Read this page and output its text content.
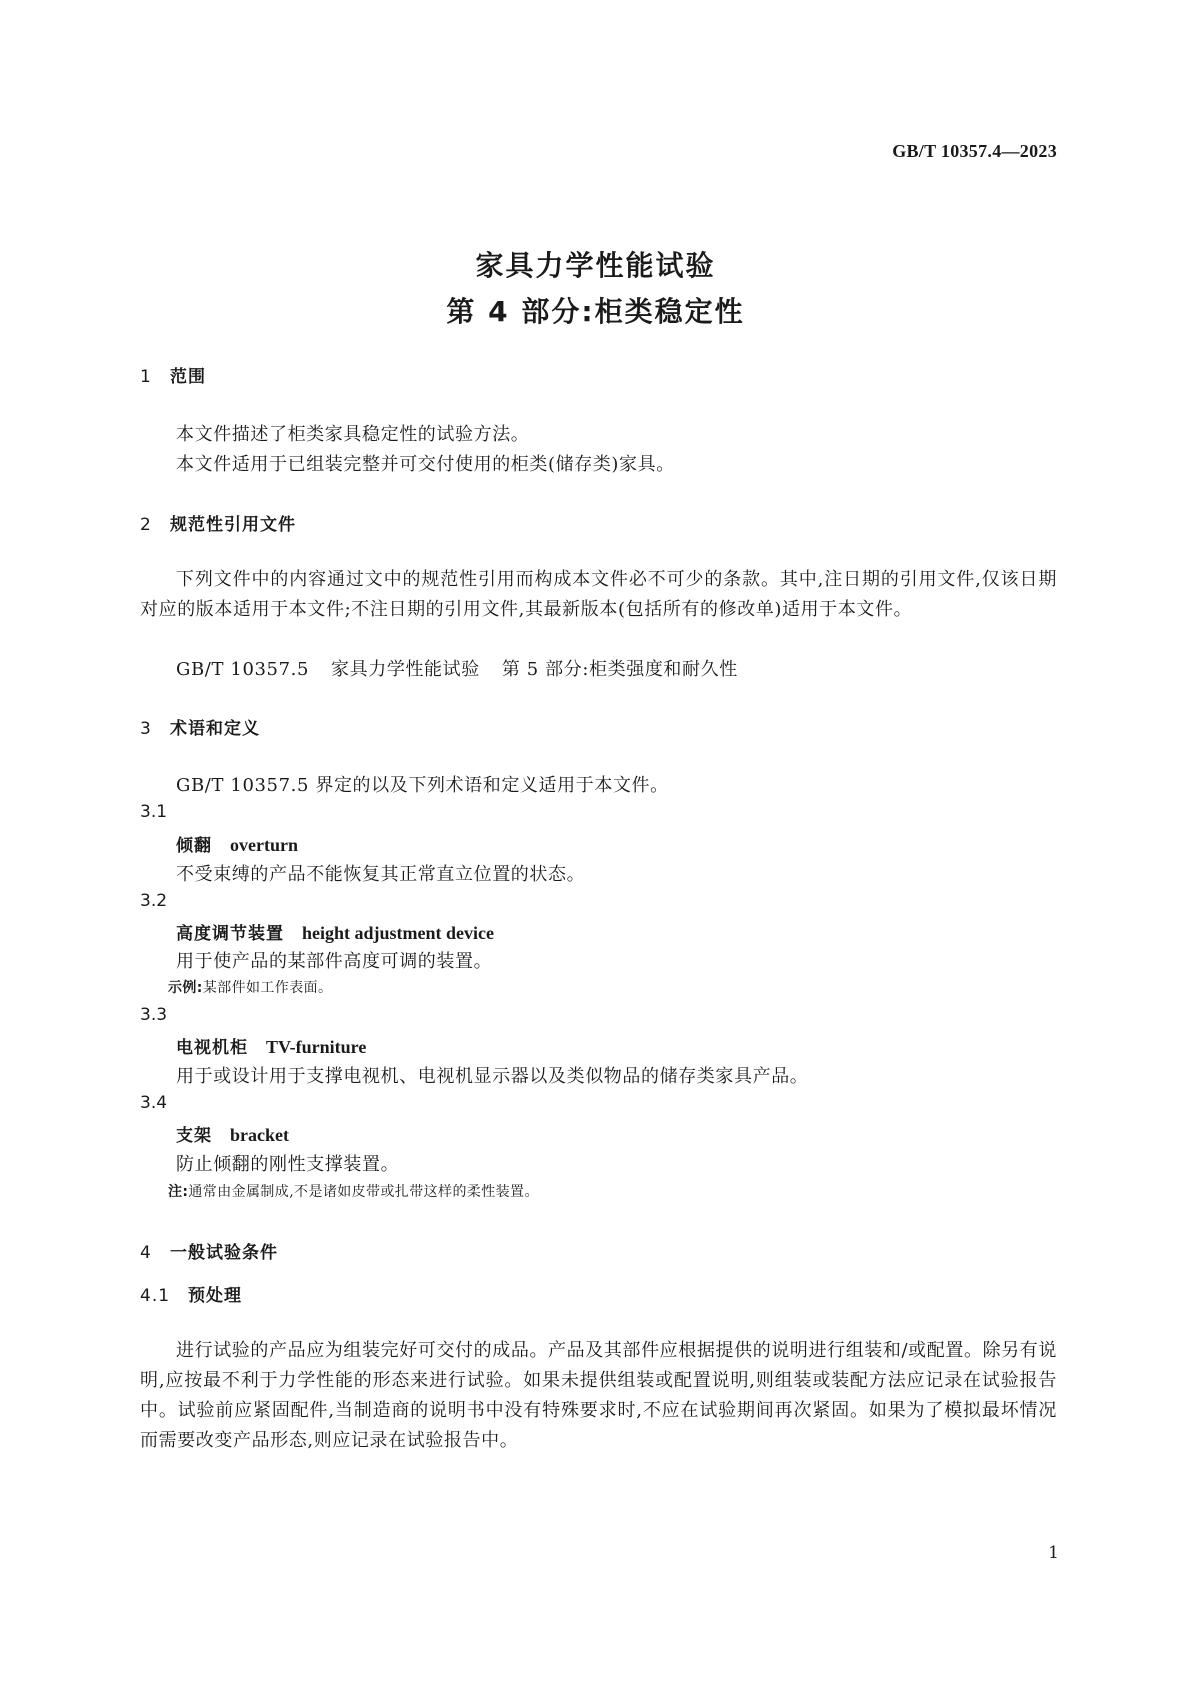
GB/T 10357.4—2023
家具力学性能试验
第 4 部分:柜类稳定性
1 范围
本文件描述了柜类家具稳定性的试验方法。
本文件适用于已组装完整并可交付使用的柜类(储存类)家具。
2 规范性引用文件
下列文件中的内容通过文中的规范性引用而构成本文件必不可少的条款。其中,注日期的引用文件,仅该日期对应的版本适用于本文件;不注日期的引用文件,其最新版本(包括所有的修改单)适用于本文件。
GB/T 10357.5 家具力学性能试验 第 5 部分:柜类强度和耐久性
3 术语和定义
GB/T 10357.5 界定的以及下列术语和定义适用于本文件。
3.1
倾翻 overturn
不受束缚的产品不能恢复其正常直立位置的状态。
3.2
高度调节装置 height adjustment device
用于使产品的某部件高度可调的装置。
示例:某部件如工作表面。
3.3
电视机柜 TV-furniture
用于或设计用于支撑电视机、电视机显示器以及类似物品的储存类家具产品。
3.4
支架 bracket
防止倾翻的刚性支撑装置。
注:通常由金属制成,不是诸如皮带或扎带这样的柔性装置。
4 一般试验条件
4.1 预处理
进行试验的产品应为组装完好可交付的成品。产品及其部件应根据提供的说明进行组装和/或配置。除另有说明,应按最不利于力学性能的形态来进行试验。如果未提供组装或配置说明,则组装或装配方法应记录在试验报告中。试验前应紧固配件,当制造商的说明书中没有特殊要求时,不应在试验期间再次紧固。如果为了模拟最坏情况而需要改变产品形态,则应记录在试验报告中。
1
